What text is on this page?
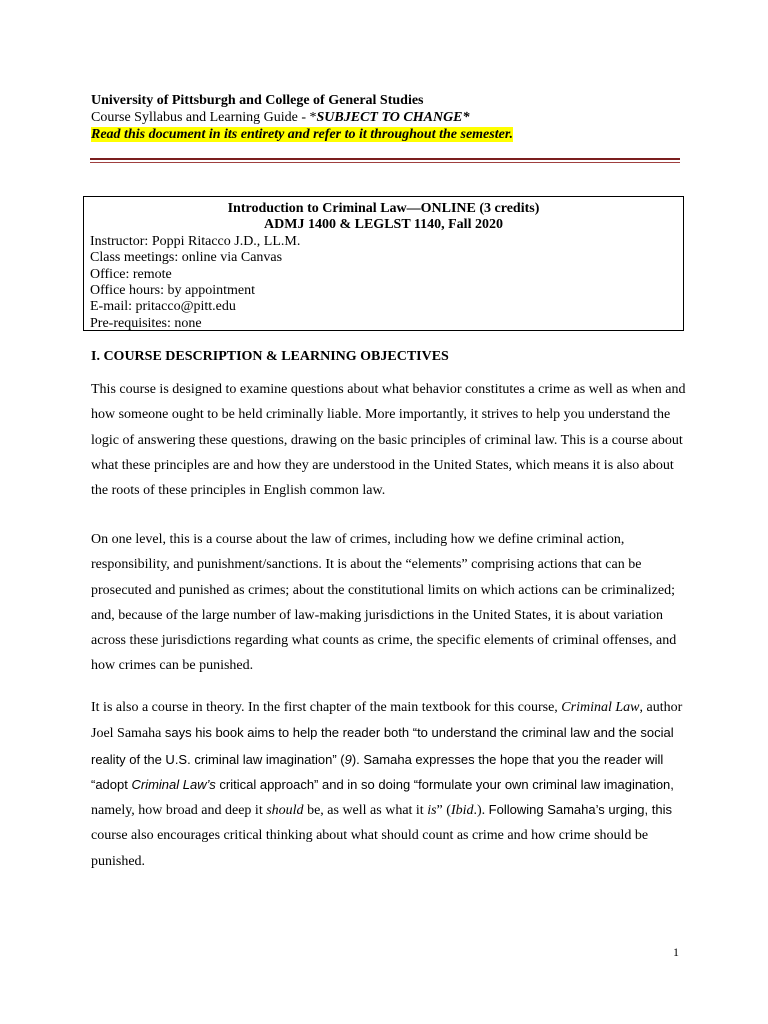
University of Pittsburgh and College of General Studies
Course Syllabus and Learning Guide - *SUBJECT TO CHANGE*
Read this document in its entirety and refer to it throughout the semester.
Introduction to Criminal Law—ONLINE (3 credits)
ADMJ 1400 & LEGLST 1140, Fall 2020
Instructor: Poppi Ritacco J.D., LL.M.
Class meetings: online via Canvas
Office: remote
Office hours: by appointment
E-mail: pritacco@pitt.edu
Pre-requisites: none
I. COURSE DESCRIPTION & LEARNING OBJECTIVES
This course is designed to examine questions about what behavior constitutes a crime as well as when and
how someone ought to be held criminally liable. More importantly, it strives to help you understand the
logic of answering these questions, drawing on the basic principles of criminal law. This is a course about
what these principles are and how they are understood in the United States, which means it is also about
the roots of these principles in English common law.
On one level, this is a course about the law of crimes, including how we define criminal action,
responsibility, and punishment/sanctions. It is about the “elements” comprising actions that can be
prosecuted and punished as crimes; about the constitutional limits on which actions can be criminalized;
and, because of the large number of law-making jurisdictions in the United States, it is about variation
across these jurisdictions regarding what counts as crime, the specific elements of criminal offenses, and
how crimes can be punished.
It is also a course in theory. In the first chapter of the main textbook for this course, Criminal Law, author
Joel Samaha says his book aims to help the reader both “to understand the criminal law and the social
reality of the U.S. criminal law imagination” (9). Samaha expresses the hope that you the reader will
“adopt Criminal Law’s critical approach” and in so doing “formulate your own criminal law imagination,
namely, how broad and deep it should be, as well as what it is” (Ibid.). Following Samaha’s urging, this
course also encourages critical thinking about what should count as crime and how crime should be
punished.
1
